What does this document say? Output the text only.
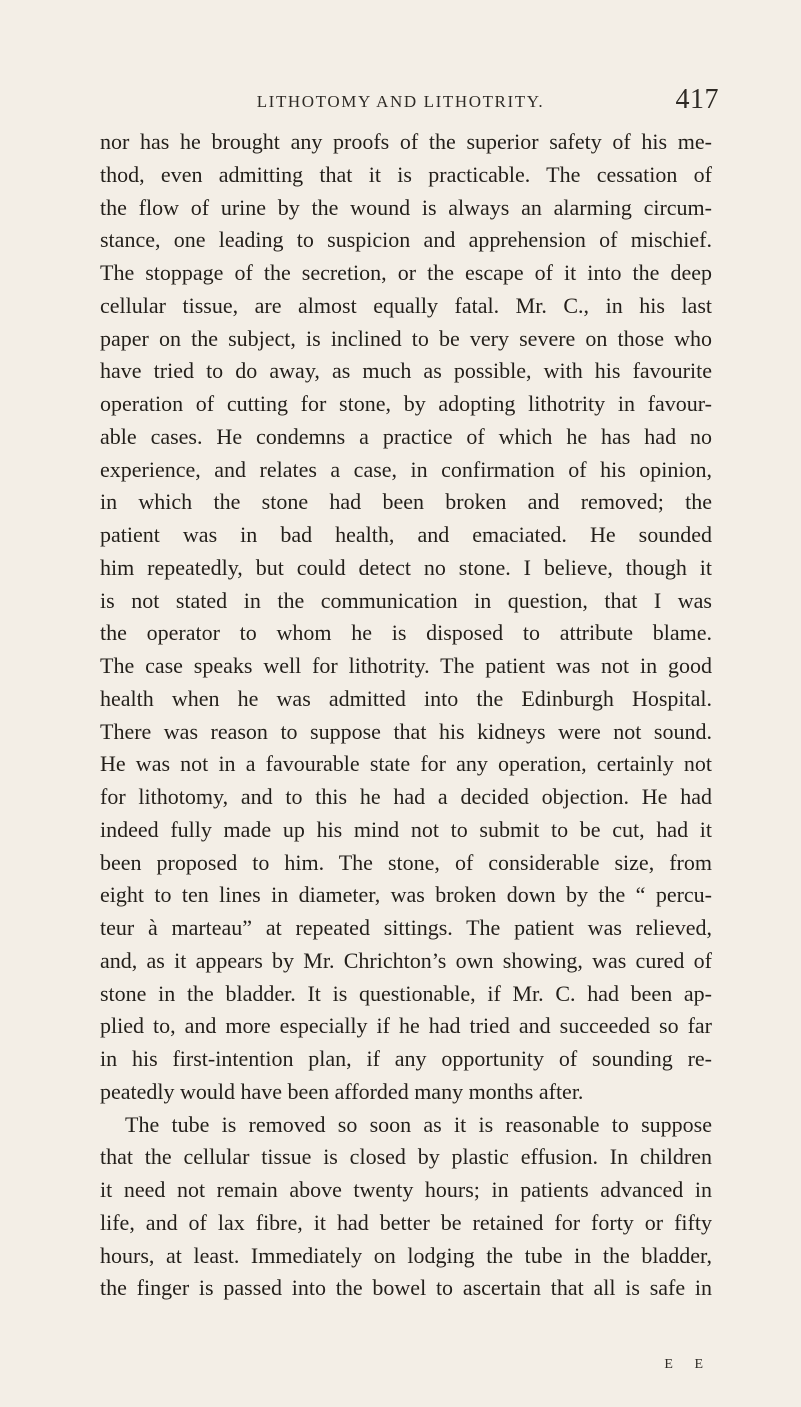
LITHOTOMY AND LITHOTRITY.	417
nor has he brought any proofs of the superior safety of his me-
thod, even admitting that it is practicable. The cessation of
the flow of urine by the wound is always an alarming circum-
stance, one leading to suspicion and apprehension of mischief.
The stoppage of the secretion, or the escape of it into the deep
cellular tissue, are almost equally fatal. Mr. C., in his last
paper on the subject, is inclined to be very severe on those who
have tried to do away, as much as possible, with his favourite
operation of cutting for stone, by adopting lithotrity in favour-
able cases. He condemns a practice of which he has had no
experience, and relates a case, in confirmation of his opinion,
in which the stone had been broken and removed; the
patient was in bad health, and emaciated. He sounded
him repeatedly, but could detect no stone. I believe, though it
is not stated in the communication in question, that I was
the operator to whom he is disposed to attribute blame.
The case speaks well for lithotrity. The patient was not in good
health when he was admitted into the Edinburgh Hospital.
There was reason to suppose that his kidneys were not sound.
He was not in a favourable state for any operation, certainly not
for lithotomy, and to this he had a decided objection. He had
indeed fully made up his mind not to submit to be cut, had it
been proposed to him. The stone, of considerable size, from
eight to ten lines in diameter, was broken down by the “ percu-
teur à marteau” at repeated sittings. The patient was relieved,
and, as it appears by Mr. Chrichton’s own showing, was cured of
stone in the bladder. It is questionable, if Mr. C. had been ap-
plied to, and more especially if he had tried and succeeded so far
in his first-intention plan, if any opportunity of sounding re-
peatedly would have been afforded many months after.
The tube is removed so soon as it is reasonable to suppose
that the cellular tissue is closed by plastic effusion. In children
it need not remain above twenty hours; in patients advanced in
life, and of lax fibre, it had better be retained for forty or fifty
hours, at least. Immediately on lodging the tube in the bladder,
the finger is passed into the bowel to ascertain that all is safe in
E E
